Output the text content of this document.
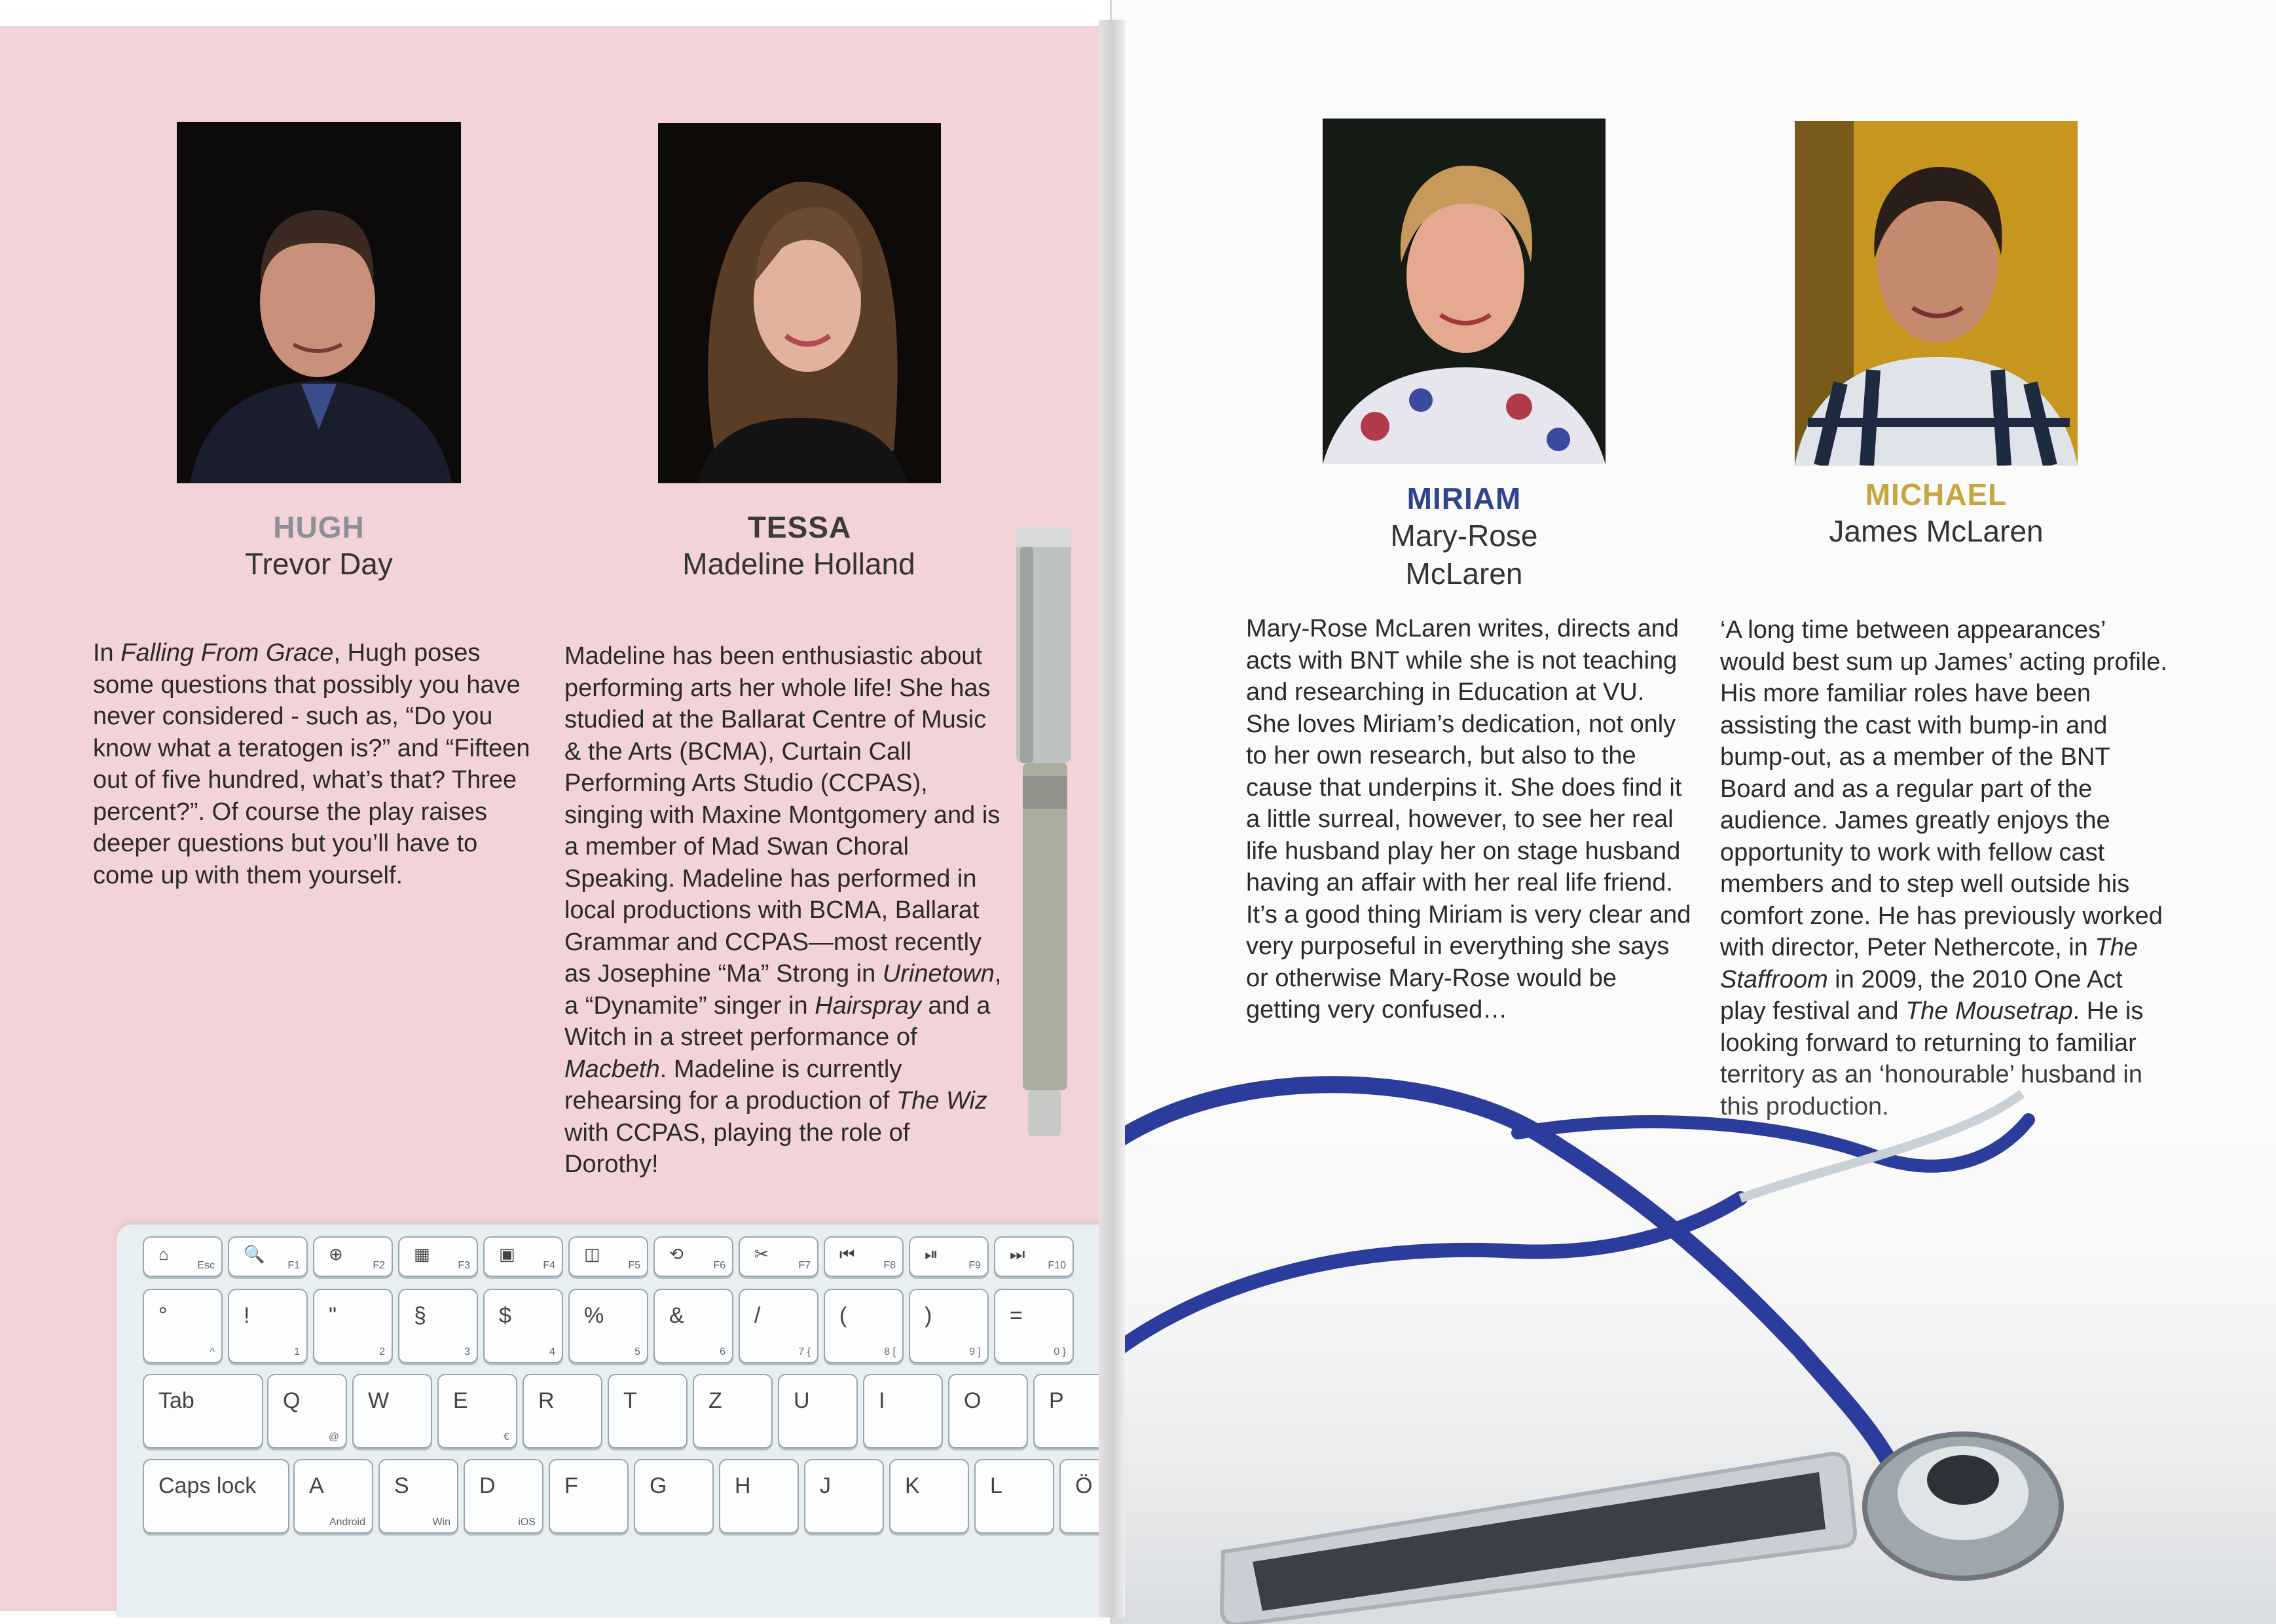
HUGH
Trevor Day
TESSA
Madeline Holland
In Falling From Grace, Hugh poses some questions that possibly you have never considered - such as, “Do you know what a teratogen is?” and “Fifteen out of five hundred, what’s that? Three percent?”. Of course the play raises deeper questions but you’ll have to come up with them yourself.
Madeline has been enthusiastic about performing arts her whole life! She has studied at the Ballarat Centre of Music & the Arts (BCMA), Curtain Call Performing Arts Studio (CCPAS), singing with Maxine Montgomery and is a member of Mad Swan Choral Speaking. Madeline has performed in local productions with BCMA, Ballarat Grammar and CCPAS—most recently as Josephine “Ma” Strong in Urinetown, a “Dynamite” singer in Hairspray and a Witch in a street performance of Macbeth. Madeline is currently rehearsing for a production of The Wiz with CCPAS, playing the role of Dorothy!
⌂
Esc
🔍
F1
⊕
F2
▦
F3
▣
F4
◫
F5
⟲
F6
✂
F7
⏮
F8
⏯
F9
⏭
F10
°
^
!
1
"
2
§
3
$
4
%
5
&
6
/
7 {
(
8 [
)
9 ]
=
0 }
Tab	Q
@
W	E
€
R	T	Z	U	I	O	P
Caps lock A
Android
S
Win
D
iOS
F	G	H	J	K	L	Ö
MIRIAM
Mary-Rose
McLaren
MICHAEL
James McLaren
Mary-Rose McLaren writes, directs and acts with BNT while she is not teaching and researching in Education at VU. She loves Miriam’s dedication, not only to her own research, but also to the cause that underpins it. She does find it a little surreal, however, to see her real life husband play her on stage husband having an affair with her real life friend. It’s a good thing Miriam is very clear and very purposeful in everything she says or otherwise Mary-Rose would be getting very confused…
‘A long time between appearances’ would best sum up James’ acting profile. His more familiar roles have been assisting the cast with bump-in and bump-out, as a member of the BNT Board and as a regular part of the audience. James greatly enjoys the opportunity to work with fellow cast members and to step well outside his comfort zone. He has previously worked with director, Peter Nethercote, in The Staffroom in 2009, the 2010 One Act play festival and The Mousetrap. He is
